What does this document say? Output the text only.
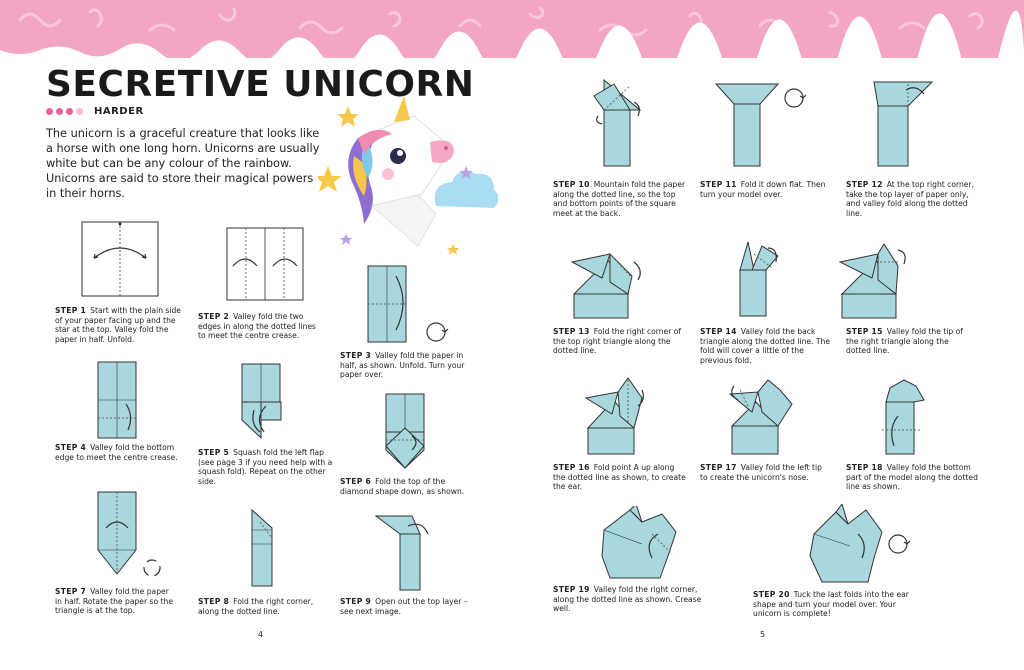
SECRETIVE UNICORN
HARDER

The unicorn is a graceful creature that looks like a horse with one long horn. Unicorns are usually white but can be any colour of the rainbow. Unicorns are said to store their magical powers in their horns.

STEP 1 Start with the plain side of your paper facing up and the star at the top. Valley fold the paper in half. Unfold.

STEP 2 Valley fold the two edges in along the dotted lines to meet the centre crease.

STEP 3 Valley fold the paper in half, as shown. Unfold. Turn your paper over.

STEP 4 Valley fold the bottom edge to meet the centre crease.

STEP 5 Squash fold the left flap (see page 3 if you need help with a squash fold). Repeat on the other side.	STEP 6 Fold the top of the diamond shape down, as shown.

STEP 7 Valley fold the paper in half. Rotate the paper so the triangle is at the top.

STEP 8 Fold the right corner, along the dotted line.

STEP 9 Open out the top layer – see next image.

STEP 10 Mountain fold the paper along the dotted line, so the top and bottom points of the square meet at the back.

STEP 11 Fold it down flat. Then turn your model over.

STEP 12 At the top right corner, take the top layer of paper only, and valley fold along the dotted line.

STEP 13 Fold the right corner of the top right triangle along the dotted line.

STEP 14 Valley fold the back triangle along the dotted line. The fold will cover a little of the previous fold.

STEP 15 Valley fold the tip of the right triangle along the dotted line.

STEP 16 Fold point A up along the dotted line as shown, to create the ear.

STEP 17 Valley fold the left tip to create the unicorn's nose.

STEP 18 Valley fold the bottom part of the model along the dotted line as shown.

STEP 19 Valley fold the right corner, along the dotted line as shown. Crease well.

STEP 20 Tuck the last folds into the ear shape and turn your model over. Your unicorn is complete!

4	5
